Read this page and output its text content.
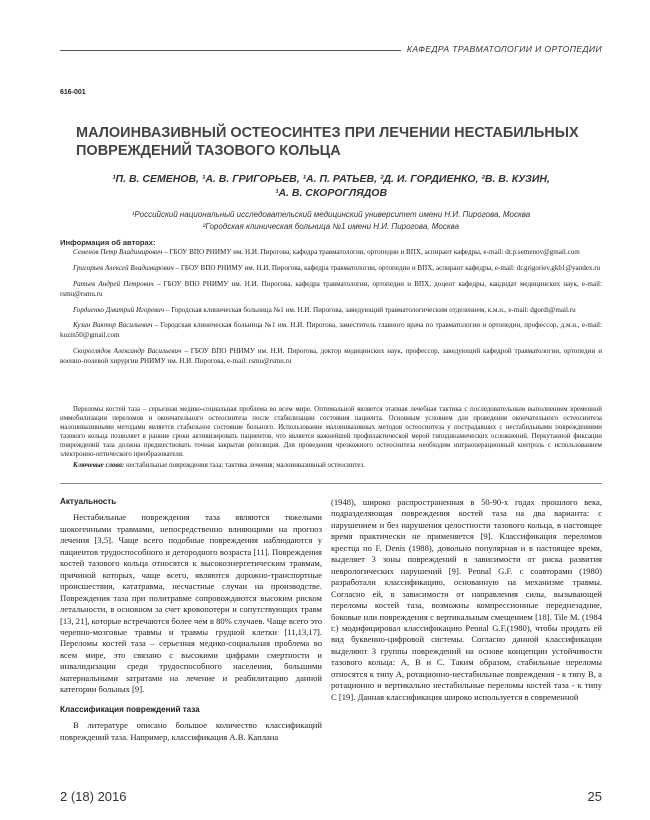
КАФЕДРА ТРАВМАТОЛОГИИ И ОРТОПЕДИИ
616-001
МАЛОИНВАЗИВНЫЙ ОСТЕОСИНТЕЗ ПРИ ЛЕЧЕНИИ НЕСТАБИЛЬНЫХ ПОВРЕЖДЕНИЙ ТАЗОВОГО КОЛЬЦА
¹П. В. СЕМЕНОВ, ¹А. В. ГРИГОРЬЕВ, ¹А. П. РАТЬЕВ, ²Д. И. ГОРДИЕНКО, ²В. В. КУЗИН,
¹А. В. СКОРОГЛЯДОВ
¹Российский национальный исследовательский медицинский университет имени Н.И. Пирогова, Москва
²Городская клиническая больница №1 имени Н.И. Пирогова, Москва
Информация об авторах:

Семенов Петр Владимирович – ГБОУ ВПО РНИМУ им. Н.И. Пирогова, кафедра травматологии, ортопедии и ВПХ, аспирант кафедры, e-mail: dr.p.semenov@gmail.com

Григорьев Алексей Владимирович – ГБОУ ВПО РНИМУ им. Н.И. Пирогова, кафедра травматологии, ортопедии и ВПХ, аспирант кафедры, e-mail: dr.grigoriev.gkb1@yandex.ru

Ратьев Андрей Петрович – ГБОУ ВПО РНИМУ им. Н.И. Пирогова, кафедра травматологии, ортопедии и ВПХ, доцент кафедры, кандидат медицинских наук, e-mail: rsmu@rsmu.ru

Гордиенко Дмитрий Игоревич – Городская клиническая больница №1 им. Н.И. Пирогова, заведующий травматологическим отделением, к.м.н., e-mail: dgordi@mail.ru

Кузин Виктор Васильевич – Городская клиническая больница №1 им. Н.И. Пирогова, заместитель главного врача по травматологии и ортопедии, профессор, д.м.н., e-mail: kuzin50@gmail.com

Скороглядов Александр Васильевич – ГБОУ ВПО РНИМУ им. Н.И. Пирогова, доктор медицинских наук, профессор, заведующий кафедрой травматологии, ортопедии и военно-полевой хирургии РНИМУ им. Н.И. Пирогова, e-mail: rsmu@rsmu.ru

Переломы костей таза – серьезная медико-социальная проблема во всем мире. Оптимальной является этапная лечебная тактика с последовательным выполнением временной иммобилизации переломов и окончательного остеосинтеза после стабилизации состояния пациента. Основным условием для проведения окончательного остеосинтеза малоинвазивными методами является стабильное состояние больного. Использование малоинвазивных методов остеосинтеза у пострадавших с нестабильными повреждениями тазового кольца позволяет в ранние сроки активизировать пациентов, что является важнейшей профилактической мерой гиподинамических осложнений. Перкутанной фиксации повреждений таза должна предшествовать точная закрытая репозиция. Для проведения чрезкожного остеосинтеза необходим интраоперационный контроль с использованием электронно-оптического преобразователя.

Ключевые слова: нестабильные повреждения таза; тактика лечения; малоинвазивный остеосинтез.

Актуальность

Нестабильные повреждения таза являются тяжелыми шокогенными травмами, непосредственно влияющими на прогноз лечения [3,5]. Чаще всего подобные повреждения наблюдаются у пациентов трудоспособного и детородного возраста [11]. Повреждения костей тазового кольца относятся к высокоэнергетическим травмам, причиной которых, чаще всего, являются дорожно-транспортные происшествия, кататравма, несчастные случаи на производстве. Повреждения таза при политравме сопровождаются высоким риском летальности, в основном за счет кровопотери и сопутствующих травм [13, 21], которые встречаются более чем в 80% случаев. Чаще всего это черепно-мозговые травмы и травмы грудной клетки [11,13,17]. Переломы костей таза – серьезная медико-социальная проблема во всем мире, это связано с высокими цифрами смертности и инвалидизации среди трудоспособного населения, большими материальными затратами на лечение и реабилитацию данной категории больных [9].

Классификация повреждений таза

В литературе описано большое количество классификаций повреждений таза. Например, классификация А.В. Каплана

(1948), широко распространенная в 50-90-х годах прошлого века, подразделяющая повреждения костей таза на два варианта: с нарушением и без нарушения целостности тазового кольца, в настоящее время практически не применяется [9]. Классификация переломов крестца по F. Denis (1988), довольно популярная и в настоящее время, выделяет 3 зоны повреждений в зависимости от риска развития неврологических нарушений [9]. Pennal G.F. с соавторами (1980) разработали классификацию, основанную на механизме травмы. Согласно ей, в зависимости от направления силы, вызывающей переломы костей таза, возможны компрессионные переднезадние, боковые или повреждения с вертикальным смещением [18]. Tile M. (1984 г.) модифицировал классификацию Pennal G.F.(1980), чтобы придать ей вид буквенно-цифровой системы. Согласно данной классификации выделяют 3 группы повреждений на основе концепции устойчивости тазового кольца: А, В и С. Таким образом, стабильные переломы относятся к типу А, ротационно-нестабильные повреждения - к типу В, а ротационно и вертикально нестабильные переломы костей таза - к типу С [19]. Данная классификация широко используется в современной

2 (18) 2016	25
